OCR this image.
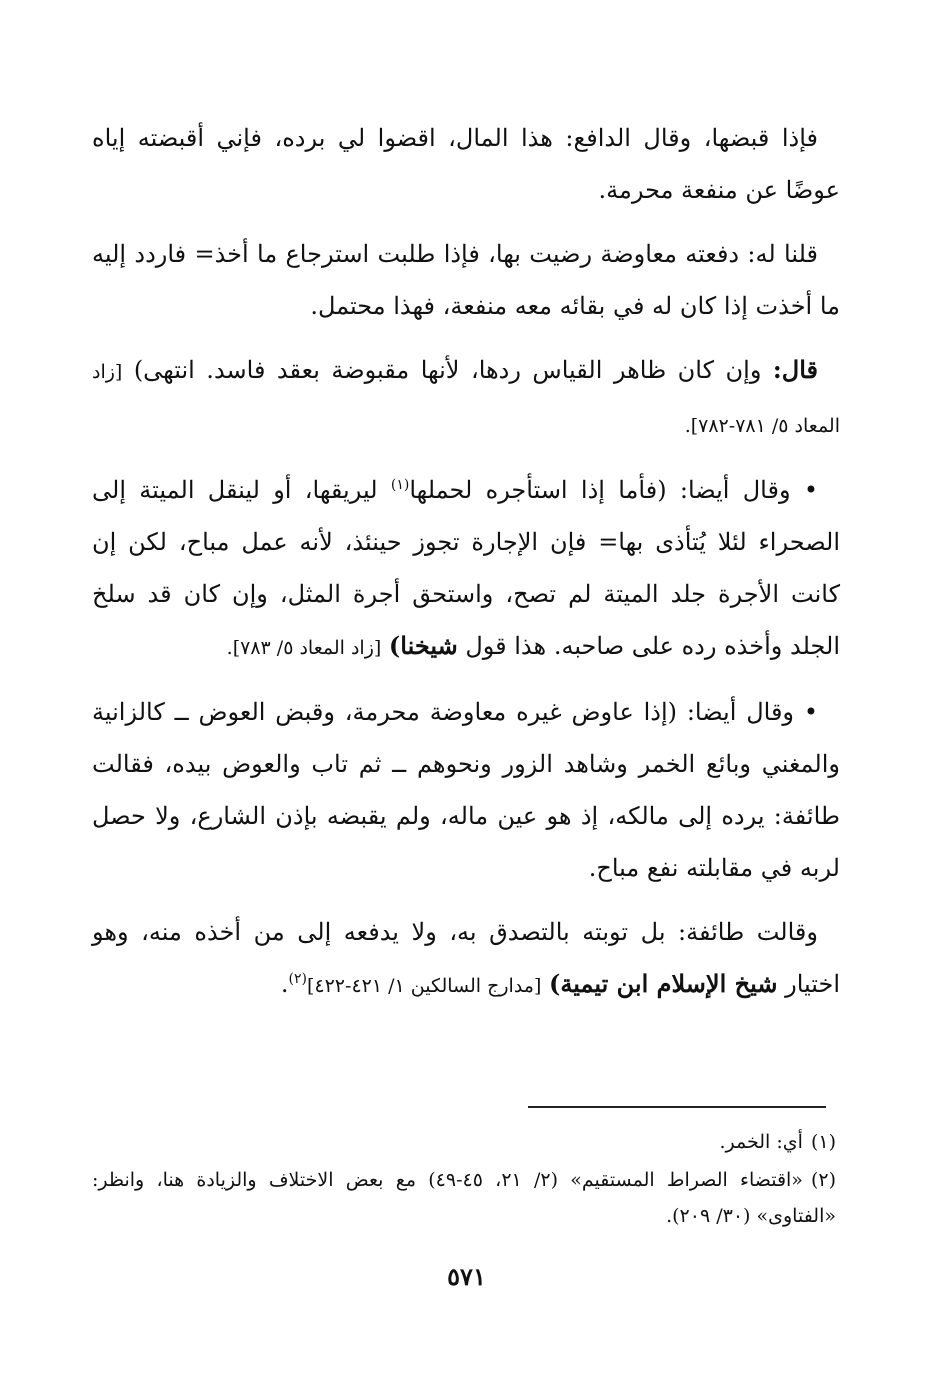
فإذا قبضها، وقال الدافع: هذا المال، اقضوا لي برده، فإني أقبضته إياه عوضًا عن منفعة محرمة.

قلنا له: دفعته معاوضة رضيت بها، فإذا طلبت استرجاع ما أخذ= فاردد إليه ما أخذت إذا كان له في بقائه معه منفعة، فهذا محتمل.

قال: وإن كان ظاهر القياس ردها، لأنها مقبوضة بعقد فاسد. انتهى) [زاد المعاد ٥/ ٧٨١-٧٨٢].

• وقال أيضا: (فأما إذا استأجره لحملها$^{(١)}$ ليريقها، أو لينقل الميتة إلى الصحراء لئلا يُتأذى بها= فإن الإجارة تجوز حينئذ، لأنه عمل مباح، لكن إن كانت الأجرة جلد الميتة لم تصح، واستحق أجرة المثل، وإن كان قد سلخ الجلد وأخذه رده على صاحبه. هذا قول شيخنا) [زاد المعاد ٥/ ٧٨٣].

• وقال أيضا: (إذا عاوض غيره معاوضة محرمة، وقبض العوض ــ كالزانية والمغني وبائع الخمر وشاهد الزور ونحوهم ــ ثم تاب والعوض بيده، فقالت طائفة: يرده إلى مالكه، إذ هو عين ماله، ولم يقبضه بإذن الشارع، ولا حصل لربه في مقابلته نفع مباح.

وقالت طائفة: بل توبته بالتصدق به، ولا يدفعه إلى من أخذه منه، وهو اختيار شيخ الإسلام ابن تيمية) [مدارج السالكين ١/ ٤٢١-٤٢٢]$^{(٢)}$.

(١)أي: الخمر.

(٢)«اقتضاء الصراط المستقيم» (٢/ ٢١، ٤٥-٤٩) مع بعض الاختلاف والزيادة هنا، وانظر: «الفتاوى» (٣٠/ ٢٠٩).

٥٧١
